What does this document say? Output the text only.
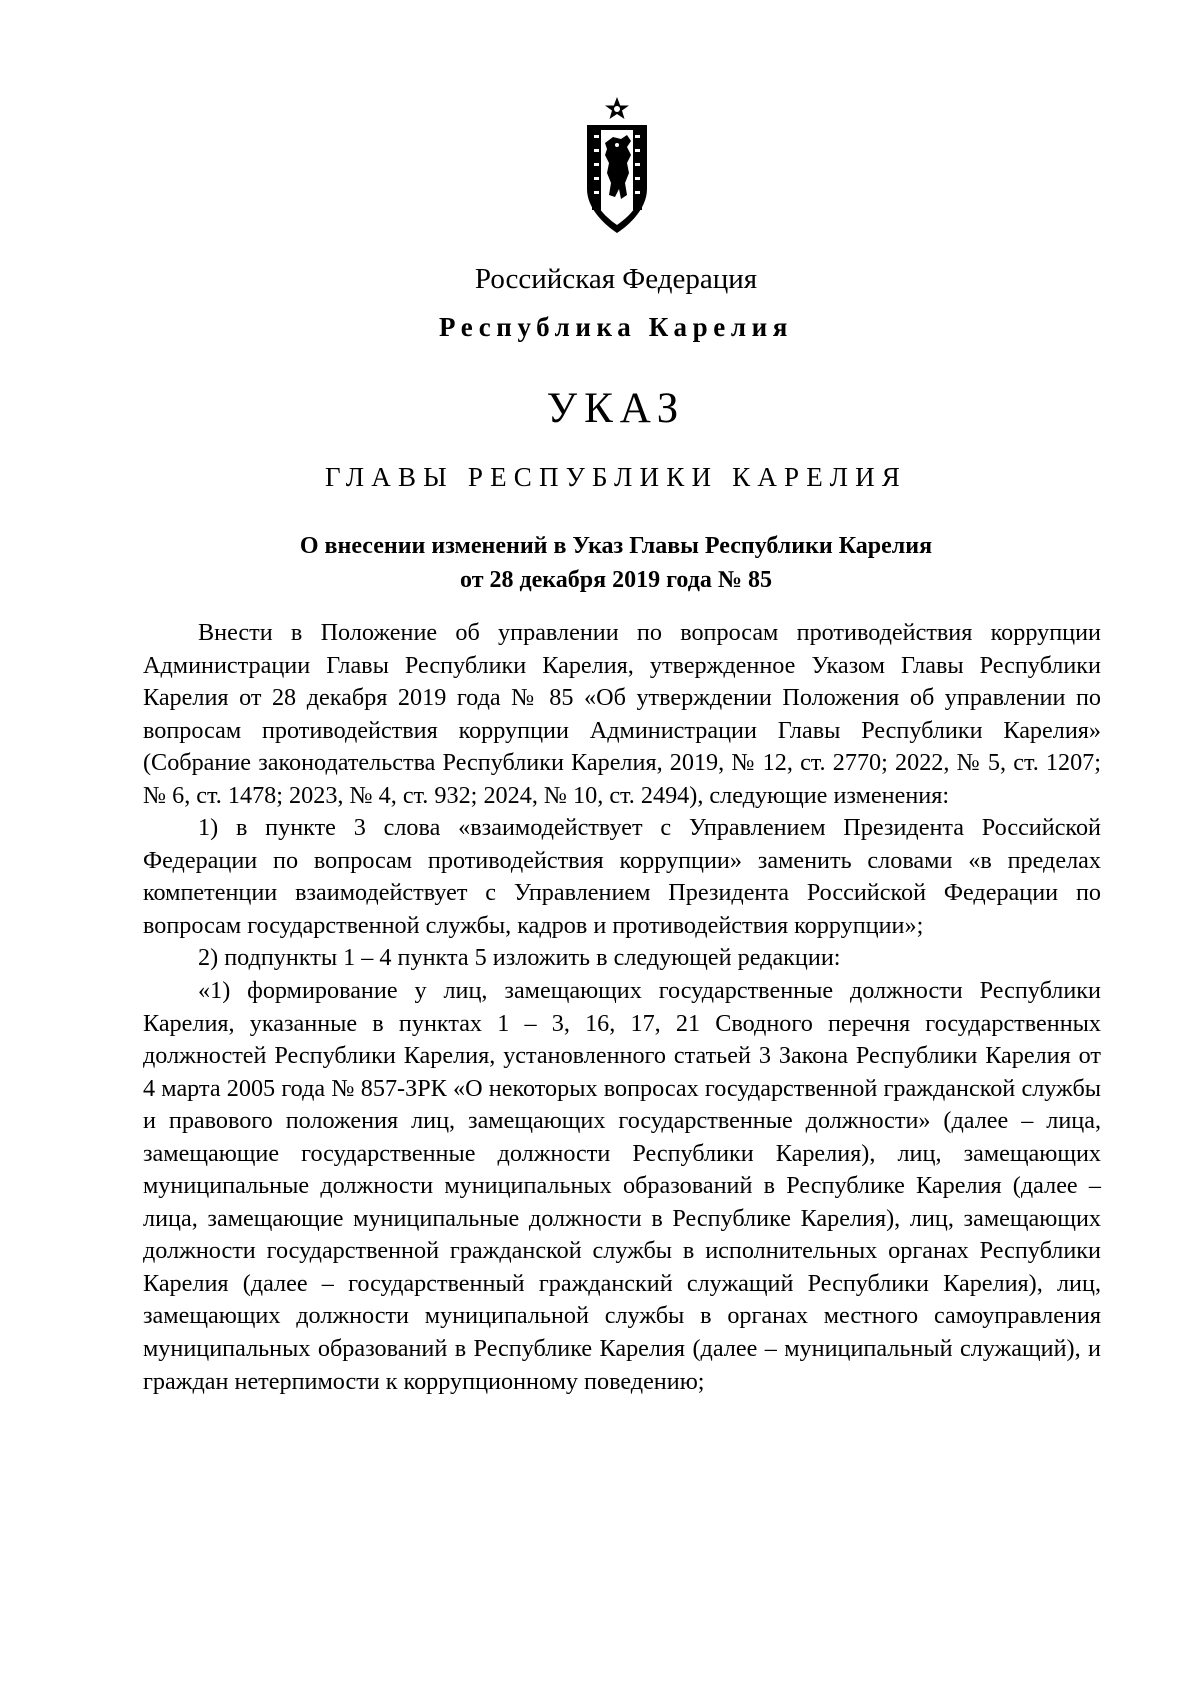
Российская Федерация
Республика Карелия
УКАЗ
ГЛАВЫ РЕСПУБЛИКИ КАРЕЛИЯ
О внесении изменений в Указ Главы Республики Карелия
от 28 декабря 2019 года № 85

Внести в Положение об управлении по вопросам противодействия коррупции Администрации Главы Республики Карелия, утвержденное Указом Главы Республики Карелия от 28 декабря 2019 года № 85 «Об утверждении Положения об управлении по вопросам противодействия коррупции Администрации Главы Республики Карелия» (Собрание законодательства Республики Карелия, 2019, № 12, ст. 2770; 2022, № 5, ст. 1207; № 6, ст. 1478; 2023, № 4, ст. 932; 2024, № 10, ст. 2494), следующие изменения:

1) в пункте 3 слова «взаимодействует с Управлением Президента Российской Федерации по вопросам противодействия коррупции» заменить словами «в пределах компетенции взаимодействует с Управлением Президента Российской Федерации по вопросам государственной службы, кадров и противодействия коррупции»;

2) подпункты 1 – 4 пункта 5 изложить в следующей редакции:

«1) формирование у лиц, замещающих государственные должности Республики Карелия, указанные в пунктах 1 – 3, 16, 17, 21 Сводного перечня государственных должностей Республики Карелия, установленного статьей 3 Закона Республики Карелия от 4 марта 2005 года № 857-ЗРК «О некоторых вопросах государственной гражданской службы и правового положения лиц, замещающих государственные должности» (далее – лица, замещающие государственные должности Республики Карелия), лиц, замещающих муниципальные должности муниципальных образований в Республике Карелия (далее – лица, замещающие муниципальные должности в Республике Карелия), лиц, замещающих должности государственной гражданской службы в исполнительных органах Республики Карелия (далее – государственный гражданский служащий Республики Карелия), лиц, замещающих должности муниципальной службы в органах местного самоуправления муниципальных образований в Республике Карелия (далее – муниципальный служащий), и граждан нетерпимости к коррупционному поведению;
